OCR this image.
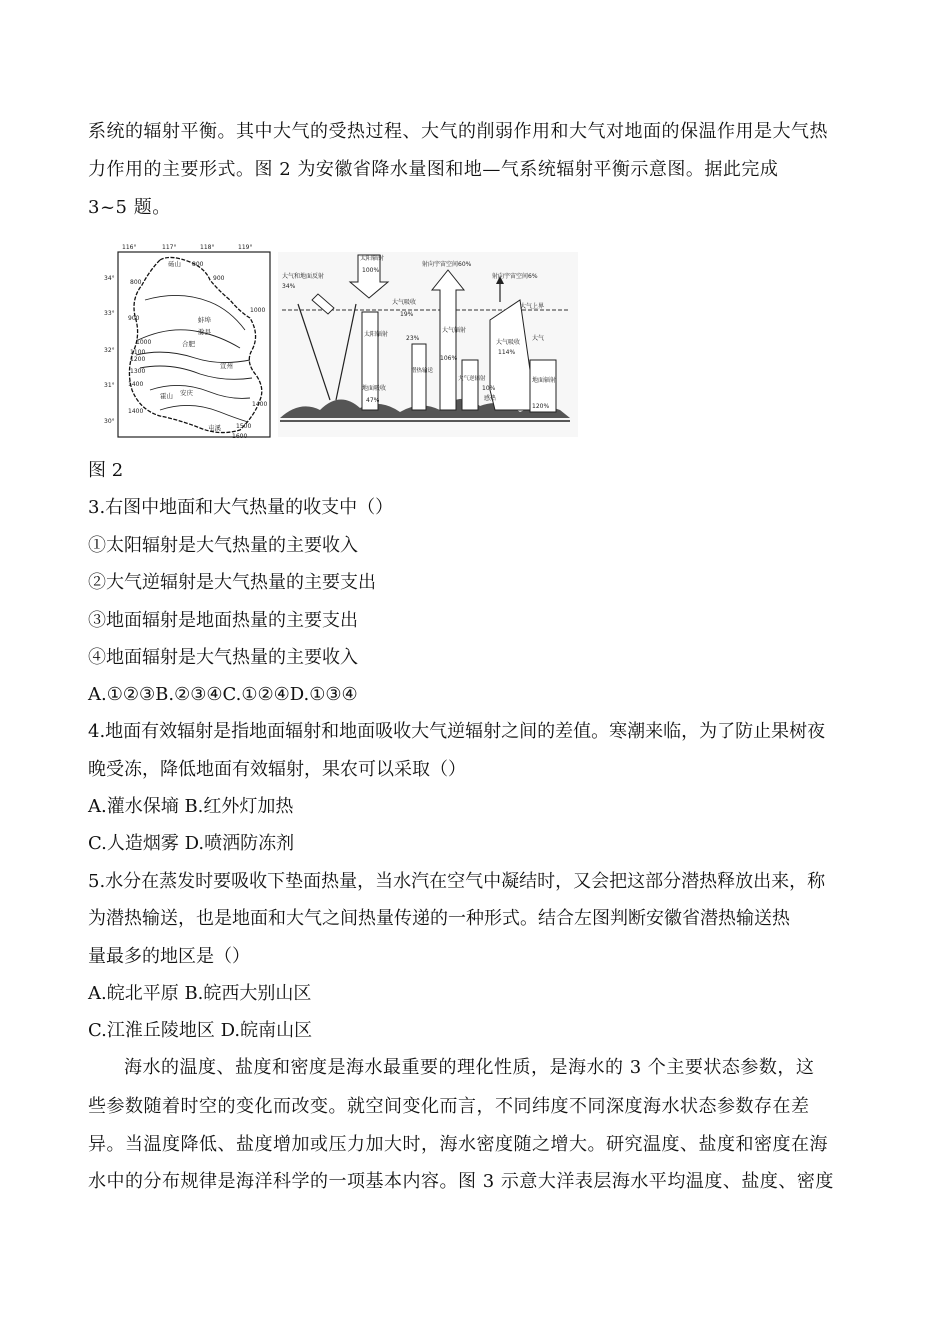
系统的辐射平衡。其中大气的受热过程、大气的削弱作用和大气对地面的保温作用是大气热
力作用的主要形式。图 2 为安徽省降水量图和地—气系统辐射平衡示意图。据此完成
3~5 题。
116°	117°	118°	119°
34°
33°
32°
31°
30°
800
900
800
900
1000
1000
1100
1200
1300
1400
1400
1400
1500
1600
砀山
蚌埠
滁县
合肥
霍山 安庆
屯溪
宣州
太阳辐射
100%
射向宇宙空间60%
射向宇宙空间6%
大气和地面反射
34%
大气吸收
19%
太阳辐射
大气辐射
大气上界
大气吸收
114%
大气
23%
潜热输送
106%
大气逆辐射
10%
地面吸收
47%
地面辐射
120%
感热
图 2
3.右图中地面和大气热量的收支中（）
①太阳辐射是大气热量的主要收入
②大气逆辐射是大气热量的主要支出
③地面辐射是地面热量的主要支出
④地面辐射是大气热量的主要收入
A.①②③B.②③④C.①②④D.①③④
4.地面有效辐射是指地面辐射和地面吸收大气逆辐射之间的差值。寒潮来临，为了防止果树夜
晚受冻，降低地面有效辐射，果农可以采取（）
A.灌水保墒 B.红外灯加热
C.人造烟雾 D.喷洒防冻剂
5.水分在蒸发时要吸收下垫面热量，当水汽在空气中凝结时，又会把这部分潜热释放出来，称
为潜热输送，也是地面和大气之间热量传递的一种形式。结合左图判断安徽省潜热输送热
量最多的地区是（）
A.皖北平原 B.皖西大别山区
C.江淮丘陵地区 D.皖南山区
海水的温度、盐度和密度是海水最重要的理化性质，是海水的 3 个主要状态参数，这
些参数随着时空的变化而改变。就空间变化而言，不同纬度不同深度海水状态参数存在差
异。当温度降低、盐度增加或压力加大时，海水密度随之增大。研究温度、盐度和密度在海
水中的分布规律是海洋科学的一项基本内容。图 3 示意大洋表层海水平均温度、盐度、密度
